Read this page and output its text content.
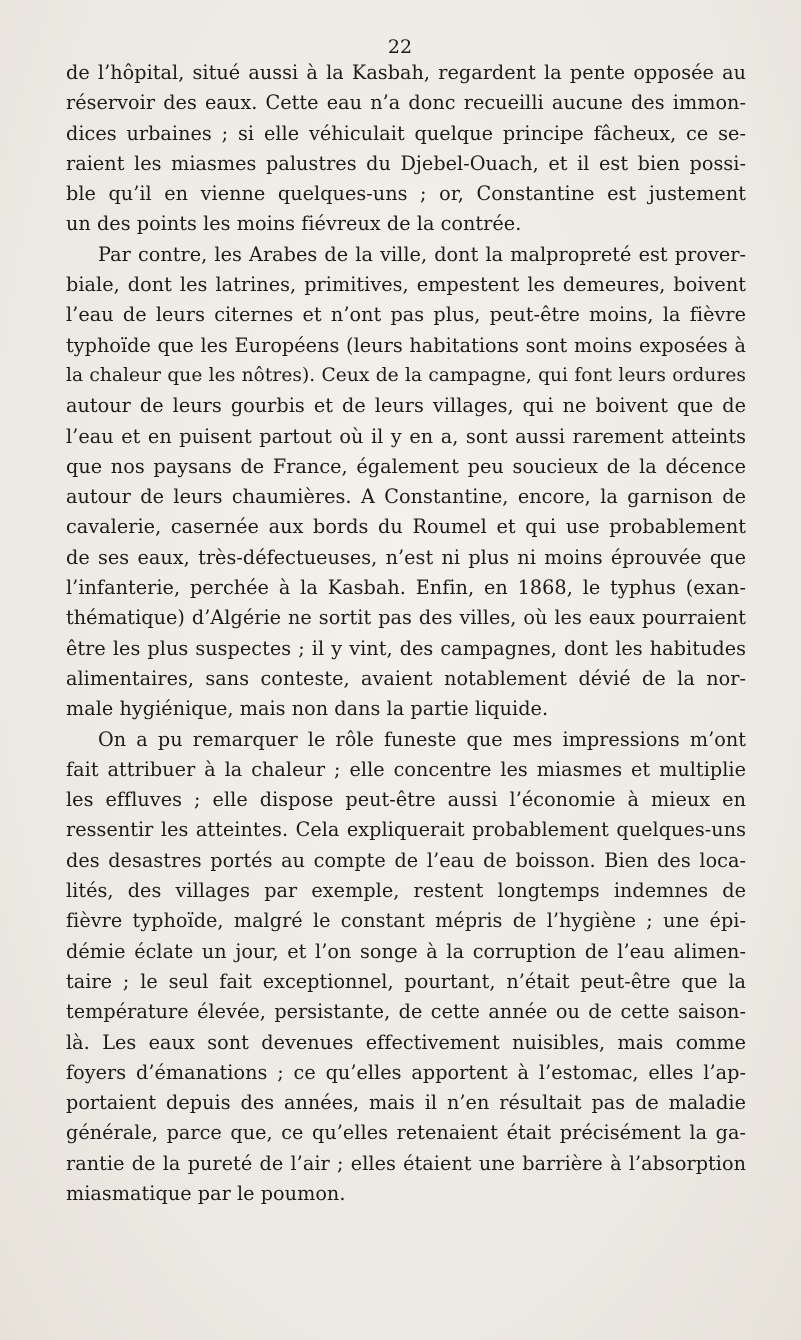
22
de l’hôpital, situé aussi à la Kasbah, regardent la pente opposée au
réservoir des eaux. Cette eau n’a donc recueilli aucune des immon-
dices urbaines ; si elle véhiculait quelque principe fâcheux, ce se-
raient les miasmes palustres du Djebel-Ouach, et il est bien possi-
ble qu’il en vienne quelques-uns ; or, Constantine est justement
un des points les moins fiévreux de la contrée.
Par contre, les Arabes de la ville, dont la malpropreté est prover-
biale, dont les latrines, primitives, empestent les demeures, boivent
l’eau de leurs citernes et n’ont pas plus, peut-être moins, la fièvre
typhoïde que les Européens (leurs habitations sont moins exposées à
la chaleur que les nôtres). Ceux de la campagne, qui font leurs ordures
autour de leurs gourbis et de leurs villages, qui ne boivent que de
l’eau et en puisent partout où il y en a, sont aussi rarement atteints
que nos paysans de France, également peu soucieux de la décence
autour de leurs chaumières. A Constantine, encore, la garnison de
cavalerie, casernée aux bords du Roumel et qui use probablement
de ses eaux, très-défectueuses, n’est ni plus ni moins éprouvée que
l’infanterie, perchée à la Kasbah. Enfin, en 1868, le typhus (exan-
thématique) d’Algérie ne sortit pas des villes, où les eaux pourraient
être les plus suspectes ; il y vint, des campagnes, dont les habitudes
alimentaires, sans conteste, avaient notablement dévié de la nor-
male hygiénique, mais non dans la partie liquide.
On a pu remarquer le rôle funeste que mes impressions m’ont
fait attribuer à la chaleur ; elle concentre les miasmes et multiplie
les effluves ; elle dispose peut-être aussi l’économie à mieux en
ressentir les atteintes. Cela expliquerait probablement quelques-uns
des desastres portés au compte de l’eau de boisson. Bien des loca-
lités, des villages par exemple, restent longtemps indemnes de
fièvre typhoïde, malgré le constant mépris de l’hygiène ; une épi-
démie éclate un jour, et l’on songe à la corruption de l’eau alimen-
taire ; le seul fait exceptionnel, pourtant, n’était peut-être que la
température élevée, persistante, de cette année ou de cette saison-
là. Les eaux sont devenues effectivement nuisibles, mais comme
foyers d’émanations ; ce qu’elles apportent à l’estomac, elles l’ap-
portaient depuis des années, mais il n’en résultait pas de maladie
générale, parce que, ce qu’elles retenaient était précisément la ga-
rantie de la pureté de l’air ; elles étaient une barrière à l’absorption
miasmatique par le poumon.
